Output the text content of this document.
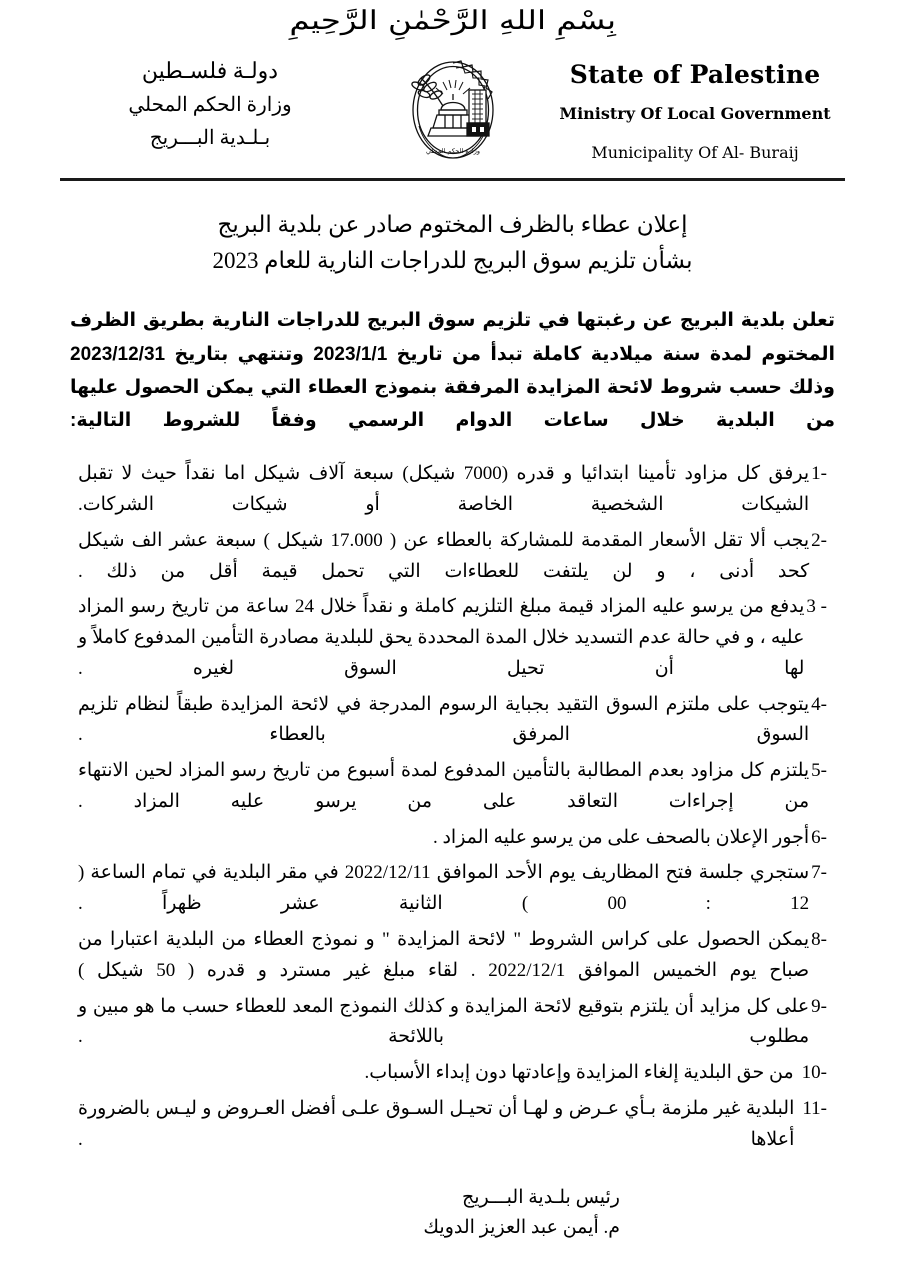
بِسْمِ اللهِ الرَّحْمٰنِ الرَّحِيمِ
دولـة فلسـطين
وزارة الحكم المحلي
بـلـدية البـــريج
وزارة الحكم المحلي
State of Palestine
Ministry Of Local Government
Municipality Of Al- Buraij
إعلان عطاء بالظرف المختوم صادر عن بلدية البريج
بشأن تلزيم سوق البريج للدراجات النارية للعام 2023
تعلن بلدية البريج عن رغبتها في تلزيم سوق البريج للدراجات النارية بطريق الظرف المختوم لمدة سنة ميلادية كاملة تبدأ من تاريخ 2023/1/1 وتنتهي بتاريخ 2023/12/31 وذلك حسب شروط لائحة المزايدة المرفقة بنموذج العطاء التي يمكن الحصول عليها من البلدية خلال ساعات الدوام الرسمي وفقاً للشروط التالية:
1-
يرفق كل مزاود تأمينا ابتدائيا و قدره (7000 شيكل) سبعة آلاف شيكل اما نقداً حيث لا تقبل الشيكات الشخصية الخاصة أو شيكات الشركات.
2-
يجب ألا تقل الأسعار المقدمة للمشاركة بالعطاء عن ( 17.000 شيكل ) سبعة عشر الف شيكل كحد أدنى ، و لن يلتفت للعطاءات التي تحمل قيمة أقل من ذلك .
3 -
يدفع من يرسو عليه المزاد قيمة مبلغ التلزيم كاملة و نقداً خلال 24 ساعة من تاريخ رسو المزاد عليه ، و في حالة عدم التسديد خلال المدة المحددة يحق للبلدية مصادرة التأمين المدفوع كاملاً و لها أن تحيل السوق لغيره .
4-
يتوجب على ملتزم السوق التقيد بجباية الرسوم المدرجة في لائحة المزايدة طبقاً لنظام تلزيم السوق المرفق بالعطاء .
5-
يلتزم كل مزاود بعدم المطالبة بالتأمين المدفوع لمدة أسبوع من تاريخ رسو المزاد لحين الانتهاء من إجراءات التعاقد على من يرسو عليه المزاد .
6-
أجور الإعلان بالصحف على من يرسو عليه المزاد .
7-
ستجري جلسة فتح المظاريف يوم الأحد الموافق 2022/12/11 في مقر البلدية في تمام الساعة ( 12 : 00 ) الثانية عشر ظهراً .
8-
يمكن الحصول على كراس الشروط " لائحة المزايدة " و نموذج العطاء من البلدية اعتبارا من صباح يوم الخميس الموافق 2022/12/1 . لقاء مبلغ غير مسترد و قدره ( 50 شيكل )
9-
على كل مزايد أن يلتزم بتوقيع لائحة المزايدة و كذلك النموذج المعد للعطاء حسب ما هو مبين و مطلوب باللائحة .
10-
من حق البلدية إلغاء المزايدة وإعادتها دون إبداء الأسباب.
11-
البلدية غير ملزمة بـأي عـرض و لهـا أن تحيـل السـوق علـى أفضل العـروض و ليـس بالضرورة أعلاها .
رئيس بلـدية البـــريج
م. أيمن عبد العزيز الدويك
